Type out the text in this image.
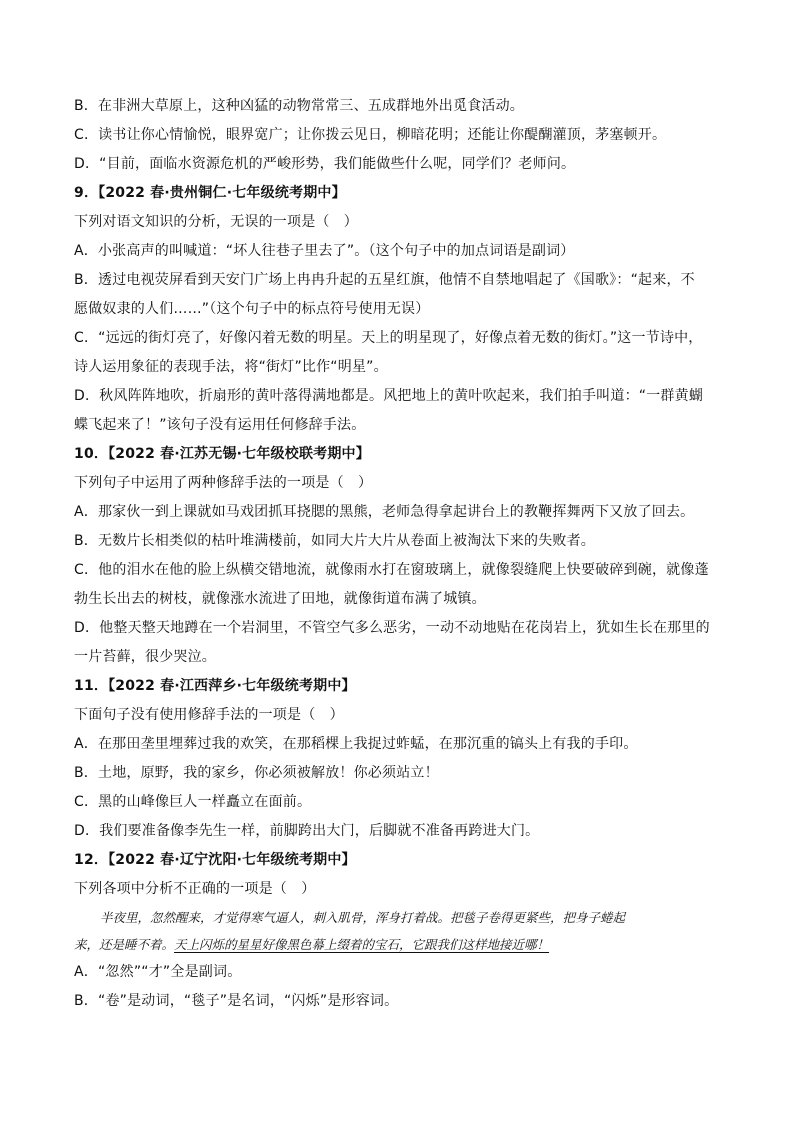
B．在非洲大草原上，这种凶猛的动物常常三、五成群地外出觅食活动。
C．读书让你心情愉悦，眼界宽广；让你拨云见日，柳暗花明；还能让你醍醐灌顶，茅塞顿开。
D．“目前，面临水资源危机的严峻形势，我们能做些什么呢，同学们？老师问。
9．【2022 春·贵州铜仁·七年级统考期中】
下列对语文知识的分析，无误的一项是（　）
A．小张高声的叫喊道：“坏人往巷子里去了”。（这个句子中的加点词语是副词）
B．透过电视荧屏看到天安门广场上冉冉升起的五星红旗，他情不自禁地唱起了《国歌》：“起来，不
愿做奴隶的人们……”（这个句子中的标点符号使用无误）
C．“远远的街灯亮了，好像闪着无数的明星。天上的明星现了，好像点着无数的街灯。”这一节诗中，
诗人运用象征的表现手法，将“街灯”比作“明星”。
D．秋风阵阵地吹，折扇形的黄叶落得满地都是。风把地上的黄叶吹起来，我们拍手叫道：“一群黄蝴
蝶飞起来了！”该句子没有运用任何修辞手法。
10．【2022 春·江苏无锡·七年级校联考期中】
下列句子中运用了两种修辞手法的一项是（　）
A．那家伙一到上课就如马戏团抓耳挠腮的黑熊，老师急得拿起讲台上的教鞭挥舞两下又放了回去。
B．无数片长相类似的枯叶堆满楼前，如同大片大片从卷面上被淘汰下来的失败者。
C．他的泪水在他的脸上纵横交错地流，就像雨水打在窗玻璃上，就像裂缝爬上快要破碎到碗，就像蓬
勃生长出去的树枝，就像涨水流进了田地，就像街道布满了城镇。
D．他整天整天地蹲在一个岩洞里，不管空气多么恶劣，一动不动地贴在花岗岩上，犹如生长在那里的
一片苔藓，很少哭泣。
11．【2022 春·江西萍乡·七年级统考期中】
下面句子没有使用修辞手法的一项是（　）
A．在那田垄里埋葬过我的欢笑，在那稻棵上我捉过蚱蜢，在那沉重的镐头上有我的手印。
B．土地，原野，我的家乡，你必须被解放！你必须站立！
C．黑的山峰像巨人一样矗立在面前。
D．我们要准备像李先生一样，前脚跨出大门，后脚就不准备再跨进大门。
12．【2022 春·辽宁沈阳·七年级统考期中】
下列各项中分析不正确的一项是（　）
半夜里，忽然醒来，才觉得寒气逼人，刺入肌骨，浑身打着战。把毯子卷得更紧些，把身子蜷起
来，还是睡不着。天上闪烁的星星好像黑色幕上缀着的宝石，它跟我们这样地接近哪！
A．“忽然”“才”全是副词。
B．“卷”是动词，“毯子”是名词，“闪烁”是形容词。
